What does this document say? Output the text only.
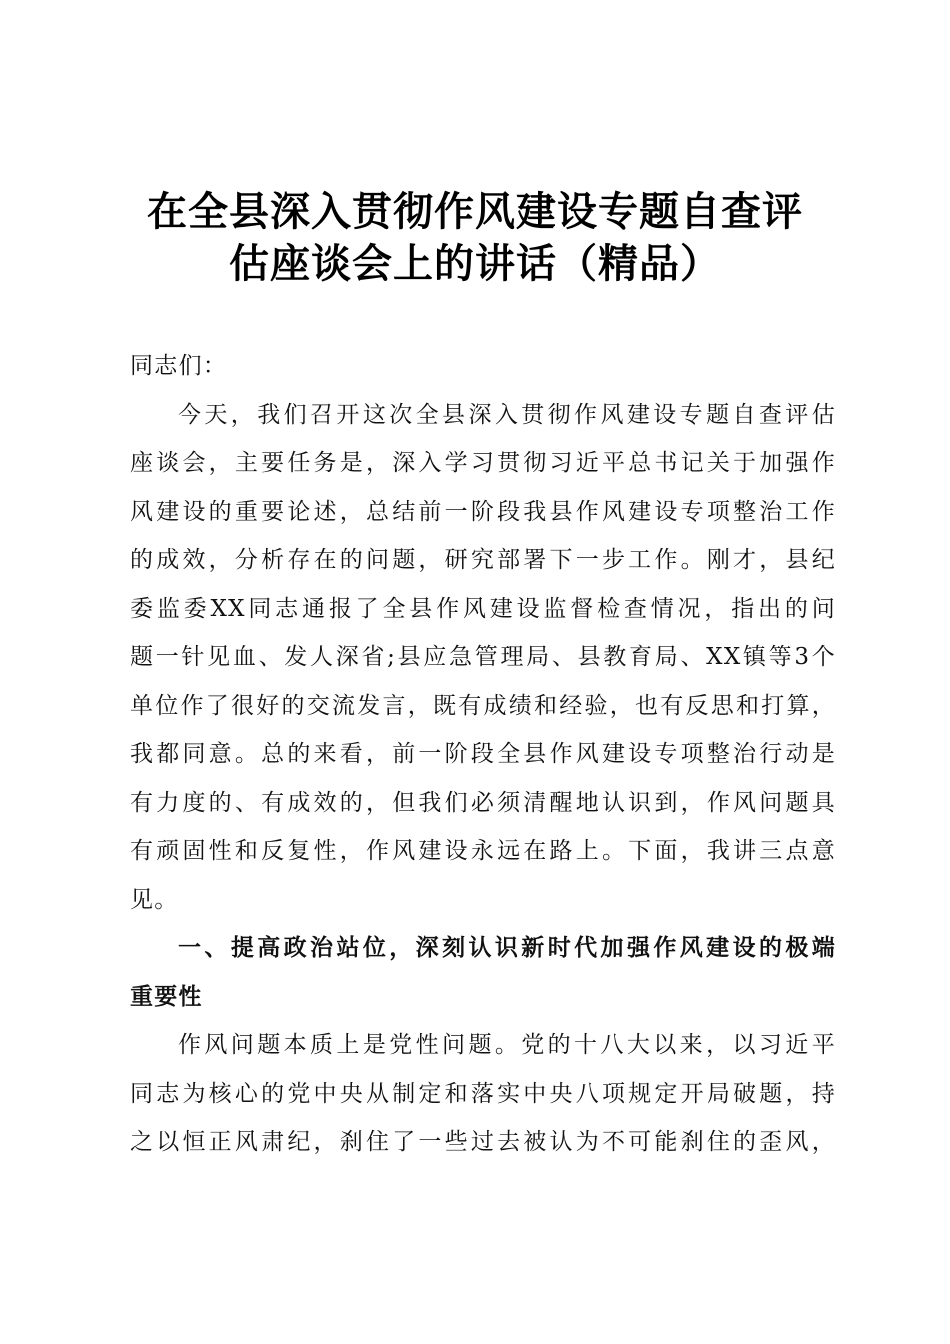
在全县深入贯彻作风建设专题自查评
估座谈会上的讲话（精品）
同志们：
今天，我们召开这次全县深入贯彻作风建设专题自查评估
座谈会，主要任务是，深入学习贯彻习近平总书记关于加强作
风建设的重要论述，总结前一阶段我县作风建设专项整治工作
的成效，分析存在的问题，研究部署下一步工作。刚才，县纪
委监委XX同志通报了全县作风建设监督检查情况，指出的问
题一针见血、发人深省;县应急管理局、县教育局、XX镇等3个
单位作了很好的交流发言，既有成绩和经验，也有反思和打算，
我都同意。总的来看，前一阶段全县作风建设专项整治行动是
有力度的、有成效的，但我们必须清醒地认识到，作风问题具
有顽固性和反复性，作风建设永远在路上。下面，我讲三点意
见。
一、提高政治站位，深刻认识新时代加强作风建设的极端
重要性
作风问题本质上是党性问题。党的十八大以来，以习近平
同志为核心的党中央从制定和落实中央八项规定开局破题，持
之以恒正风肃纪，刹住了一些过去被认为不可能刹住的歪风，
